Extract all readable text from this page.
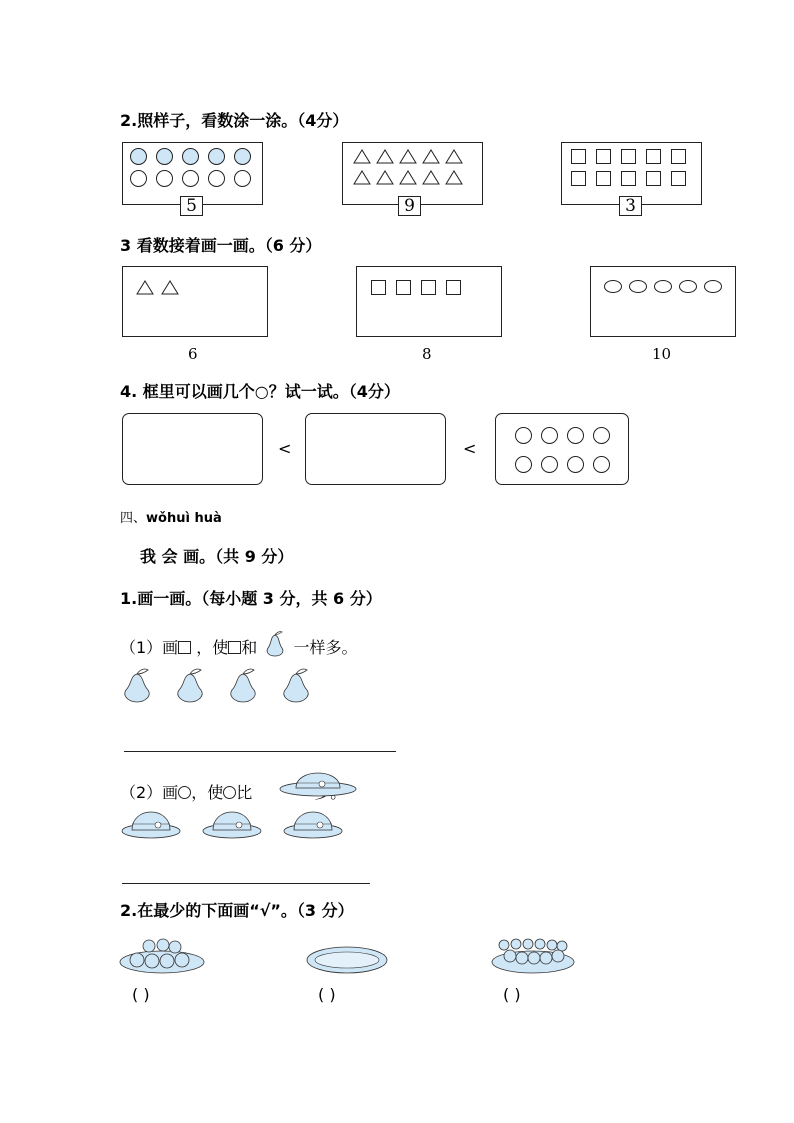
2.照样子，看数涂一涂。（4分）
5	9	3
3 看数接着画一画。（6 分）
6	8	10
4. 框里可以画几个○？试一试。（4分）
<	<
四、wǒhuì huà
我 会 画。（共 9 分）
1.画一画。（每小题 3 分，共 6 分）
（1）画 ，使 和 一样多。
（2）画 ，使 比
2.在最少的下面画“√”。（3 分）
( )	( )	( )
